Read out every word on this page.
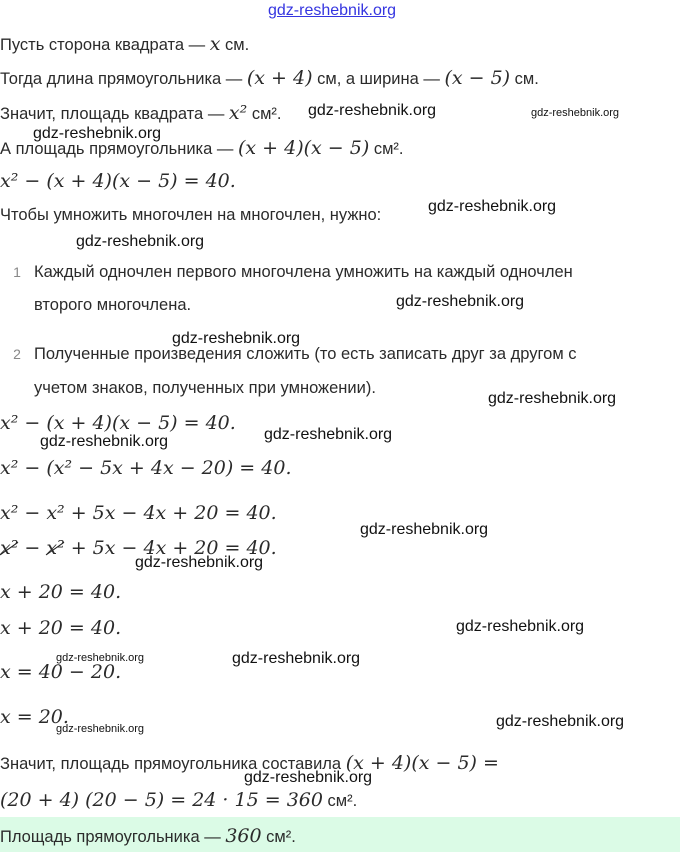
Пусть сторона квадрата — x см.
Тогда длина прямоугольника — (x + 4) см, а ширина — (x − 5) см.
Значит, площадь квадрата — x² см².
А площадь прямоугольника — (x + 4)(x − 5) см².
x² − (x + 4)(x − 5) = 40.
Чтобы умножить многочлен на многочлен, нужно:
1 Каждый одночлен первого многочлена умножить на каждый одночлен
второго многочлена.
2 Полученные произведения сложить (то есть записать друг за другом с
учетом знаков, полученных при умножении).
x² − (x + 4)(x − 5) = 40.
x² − (x² − 5x + 4x − 20) = 40.
x² − x² + 5x − 4x + 20 = 40.
x² − x² + 5x − 4x + 20 = 40.
x + 20 = 40.
x + 20 = 40.
x = 40 − 20.
x = 20.
Значит, площадь прямоугольника составила (x + 4)(x − 5) =
(20 + 4) (20 − 5) = 24 · 15 = 360 см².
Площадь прямоугольника — 360 см².
gdz-reshebnik.org
gdz-reshebnik.org	gdz-reshebnik.org
gdz-reshebnik.org
gdz-reshebnik.org
gdz-reshebnik.org
gdz-reshebnik.org
gdz-reshebnik.org
gdz-reshebnik.org
gdz-reshebnik.org
gdz-reshebnik.org
gdz-reshebnik.org
gdz-reshebnik.org
gdz-reshebnik.org
gdz-reshebnik.org	gdz-reshebnik.org
gdz-reshebnik.org
gdz-reshebnik.org
gdz-reshebnik.org
